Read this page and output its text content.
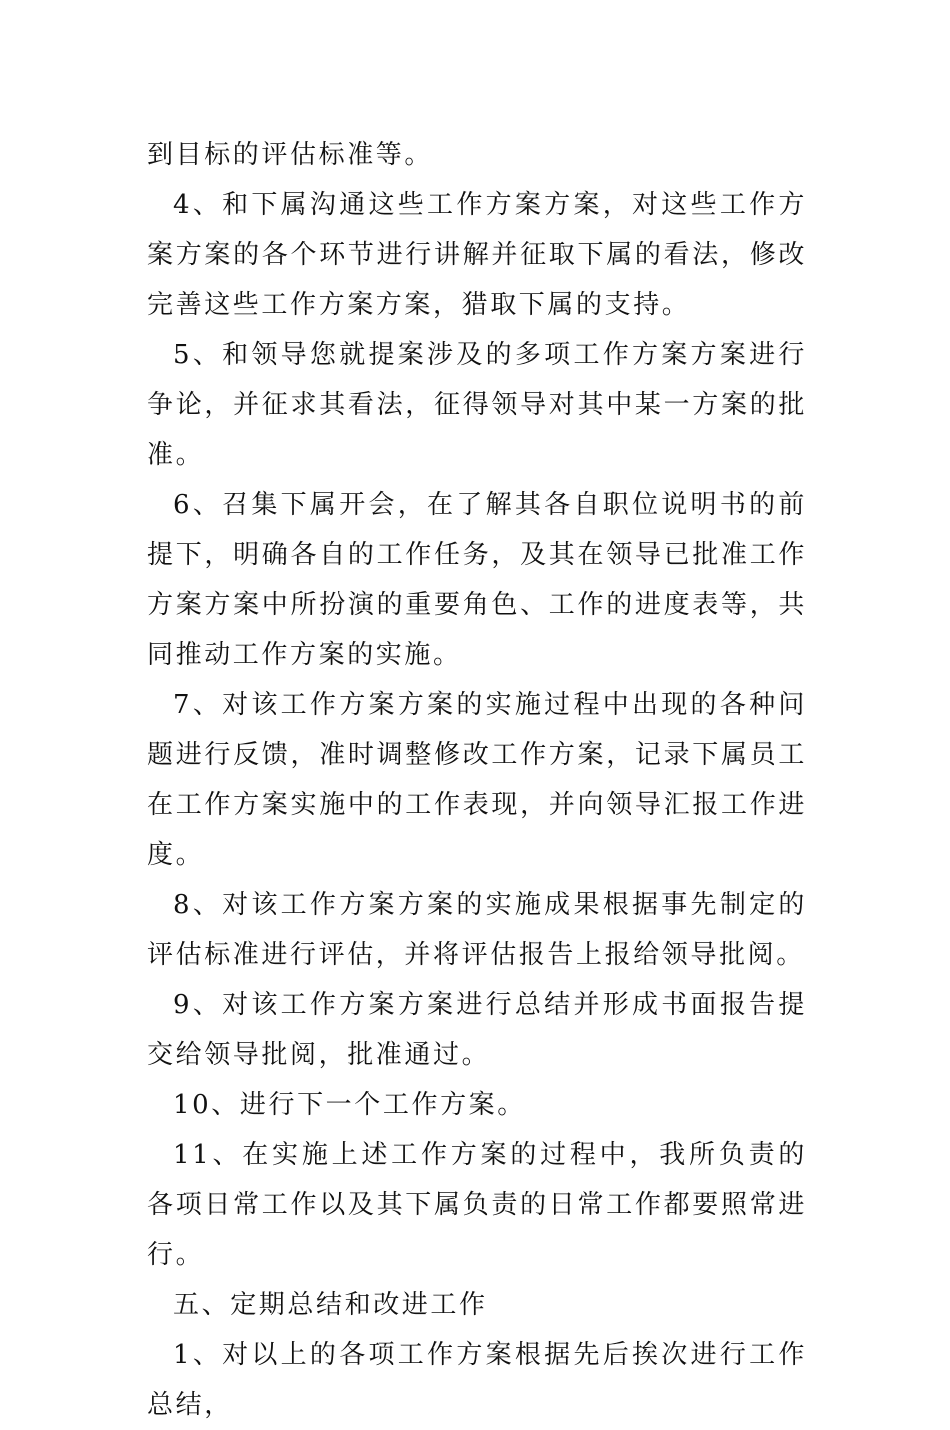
到目标的评估标准等。

4、和下属沟通这些工作方案方案，对这些工作方案方案的各个环节进行讲解并征取下属的看法，修改完善这些工作方案方案，猎取下属的支持。

5、和领导您就提案涉及的多项工作方案方案进行争论，并征求其看法，征得领导对其中某一方案的批准。

6、召集下属开会，在了解其各自职位说明书的前提下，明确各自的工作任务，及其在领导已批准工作方案方案中所扮演的重要角色、工作的进度表等，共同推动工作方案的实施。

7、对该工作方案方案的实施过程中出现的各种问题进行反馈，准时调整修改工作方案，记录下属员工在工作方案实施中的工作表现，并向领导汇报工作进度。

8、对该工作方案方案的实施成果根据事先制定的评估标准进行评估，并将评估报告上报给领导批阅。

9、对该工作方案方案进行总结并形成书面报告提交给领导批阅，批准通过。

10、进行下一个工作方案。

11、在实施上述工作方案的过程中，我所负责的各项日常工作以及其下属负责的日常工作都要照常进行。

五、定期总结和改进工作

1、对以上的各项工作方案根据先后挨次进行工作总结，
